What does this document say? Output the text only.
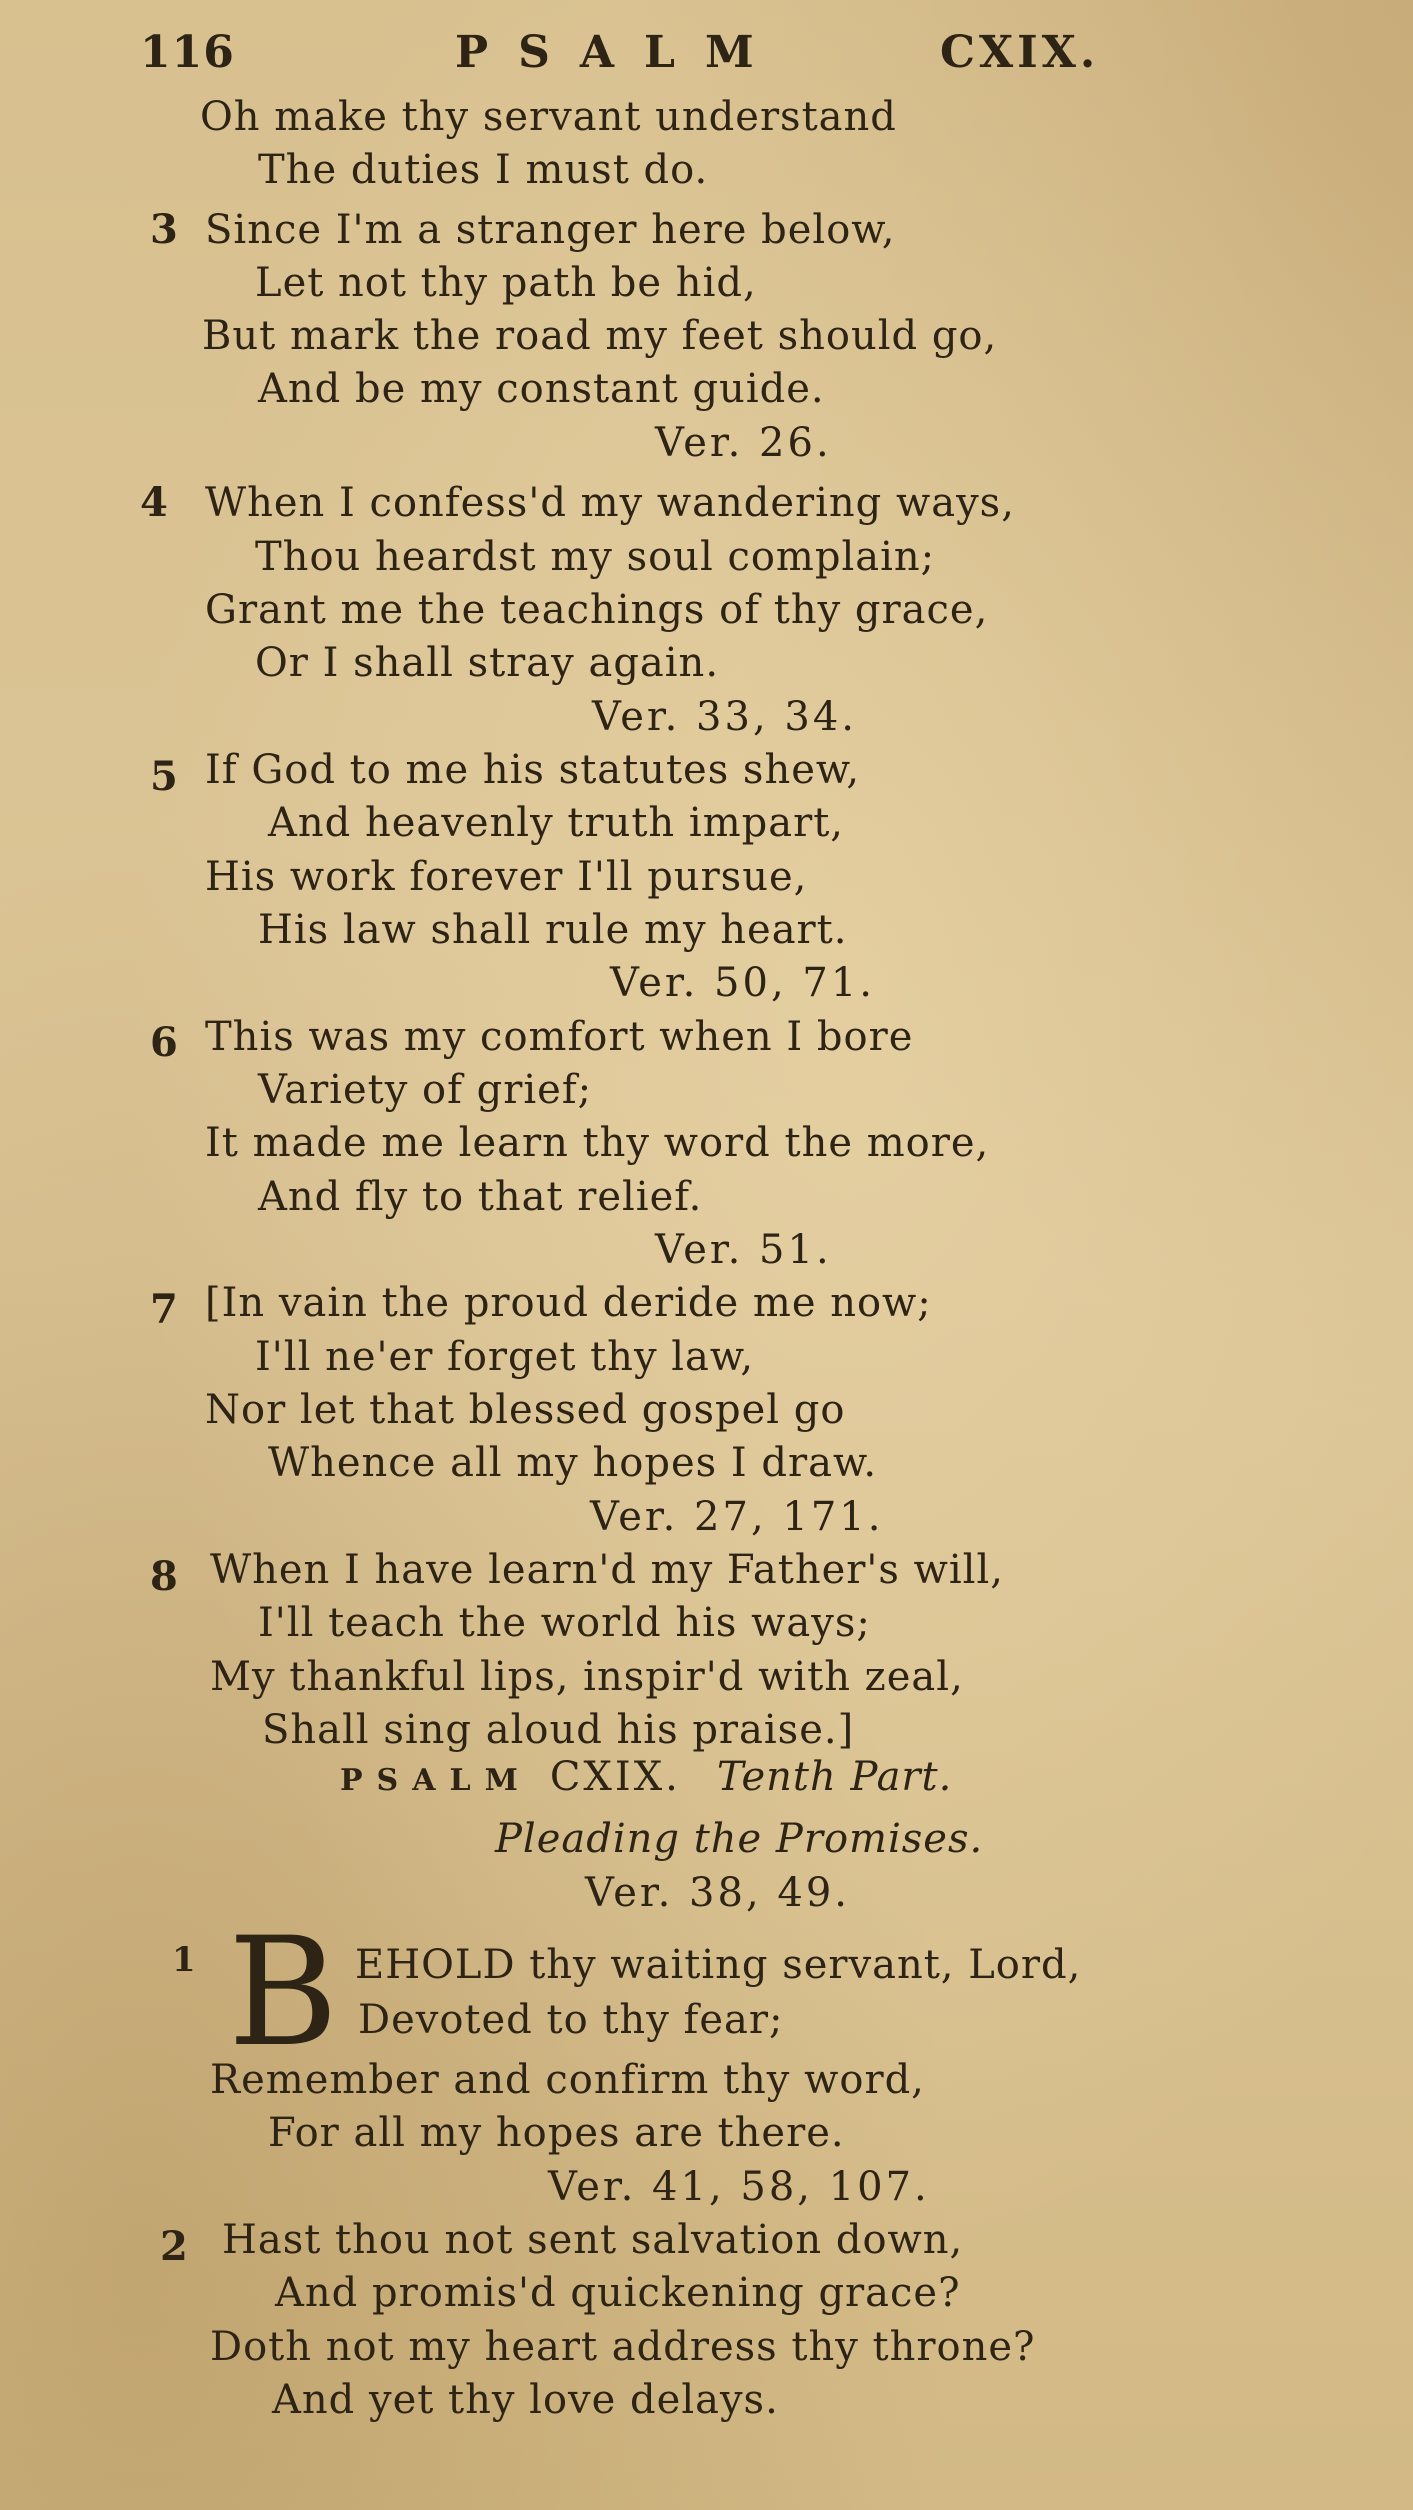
116	PSALM	CXIX.
Oh make thy servant understand
The duties I must do.
3 Since I'm a stranger here below,
Let not thy path be hid,
But mark the road my feet should go,
And be my constant guide.
Ver. 26.
4 When I confess'd my wandering ways,
Thou heardst my soul complain;
Grant me the teachings of thy grace,
Or I shall stray again.
Ver. 33, 34.
5 If God to me his statutes shew,
And heavenly truth impart,
His work forever I'll pursue,
His law shall rule my heart.
Ver. 50, 71.
6 This was my comfort when I bore
Variety of grief;
It made me learn thy word the more,
And fly to that relief.
Ver. 51.
7 [In vain the proud deride me now;
I'll ne'er forget thy law,
Nor let that blessed gospel go
Whence all my hopes I draw.
Ver. 27, 171.
8 When I have learn'd my Father's will,
I'll teach the world his ways;
My thankful lips, inspir'd with zeal,
Shall sing aloud his praise.]
PSALM CXIX. Tenth Part.
Pleading the Promises.
Ver. 38, 49.
1 B EHOLD thy waiting servant, Lord,
Devoted to thy fear;
Remember and confirm thy word,
For all my hopes are there.
Ver. 41, 58, 107.
2 Hast thou not sent salvation down,
And promis'd quickening grace?
Doth not my heart address thy throne?
And yet thy love delays.
